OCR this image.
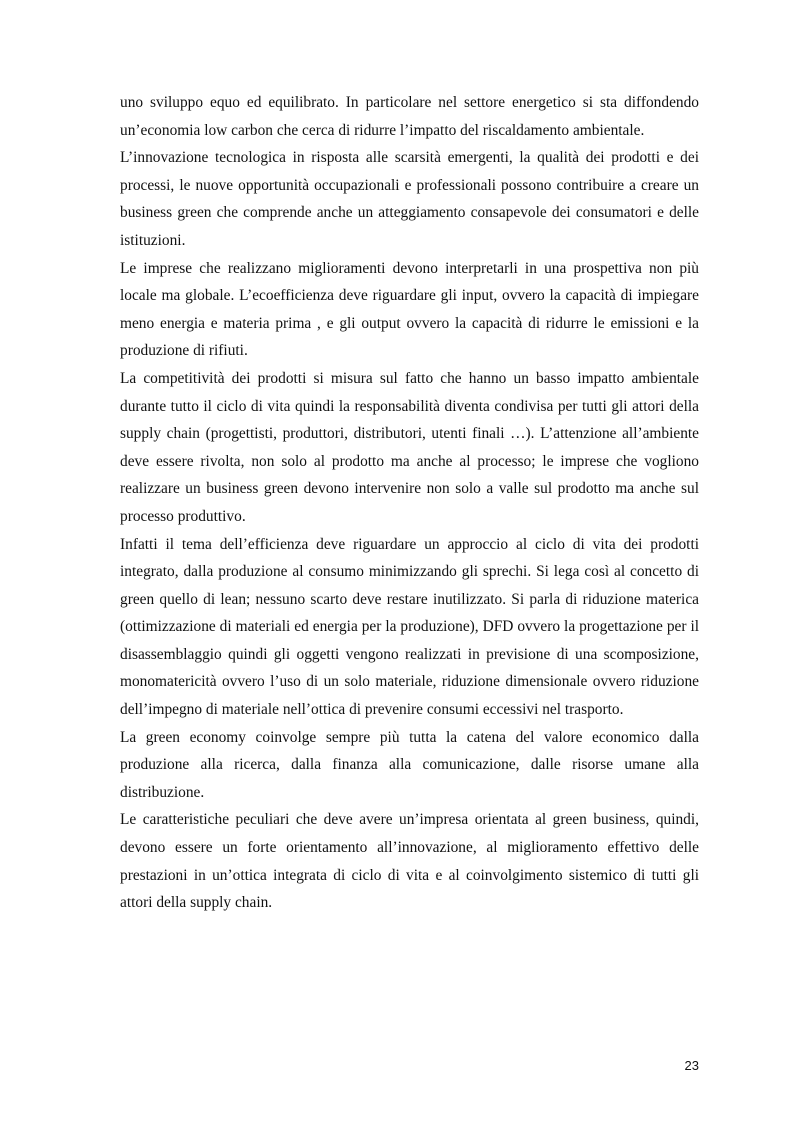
uno sviluppo equo ed equilibrato. In particolare nel settore energetico si sta diffondendo un’economia low carbon che cerca di ridurre l’impatto del riscaldamento ambientale.

L’innovazione tecnologica in risposta alle scarsità emergenti, la qualità dei prodotti e dei processi, le nuove opportunità occupazionali e professionali possono contribuire a creare un business green che comprende anche un atteggiamento consapevole dei consumatori e delle istituzioni.

Le imprese che realizzano miglioramenti devono interpretarli in una prospettiva non più locale ma globale. L’ecoefficienza deve riguardare gli input, ovvero la capacità di impiegare meno energia e materia prima , e gli output ovvero la capacità di ridurre le emissioni e la produzione di rifiuti.

La competitività dei prodotti si misura sul fatto che hanno un basso impatto ambientale durante tutto il ciclo di vita quindi la responsabilità diventa condivisa per tutti gli attori della supply chain (progettisti, produttori, distributori, utenti finali …). L’attenzione all’ambiente deve essere rivolta, non solo al prodotto ma anche al processo; le imprese che vogliono realizzare un business green devono intervenire non solo a valle sul prodotto ma anche sul processo produttivo.

Infatti il tema dell’efficienza deve riguardare un approccio al ciclo di vita dei prodotti integrato, dalla produzione al consumo minimizzando gli sprechi. Si lega così al concetto di green quello di lean; nessuno scarto deve restare inutilizzato. Si parla di riduzione materica (ottimizzazione di materiali ed energia per la produzione), DFD ovvero la progettazione per il disassemblaggio quindi gli oggetti vengono realizzati in previsione di una scomposizione, monomatericità ovvero l’uso di un solo materiale, riduzione dimensionale ovvero riduzione dell’impegno di materiale nell’ottica di prevenire consumi eccessivi nel trasporto.

La green economy coinvolge sempre più tutta la catena del valore economico dalla produzione alla ricerca, dalla finanza alla comunicazione, dalle risorse umane alla distribuzione.

Le caratteristiche peculiari che deve avere un’impresa orientata al green business, quindi, devono essere un forte orientamento all’innovazione, al miglioramento effettivo delle prestazioni in un’ottica integrata di ciclo di vita e al coinvolgimento sistemico di tutti gli attori della supply chain.

23
